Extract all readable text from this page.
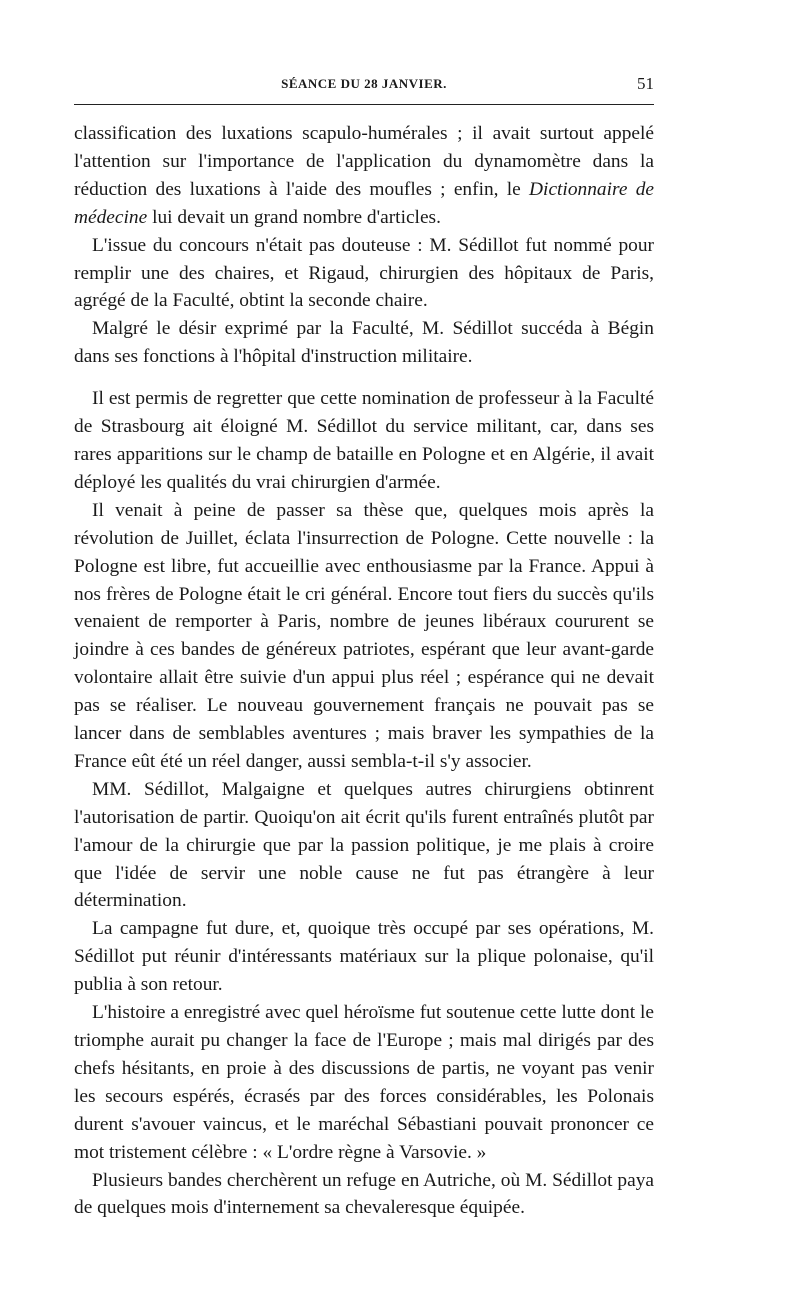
SÉANCE DU 28 JANVIER.	51

classification des luxations scapulo-humérales ; il avait surtout appelé l'attention sur l'importance de l'application du dynamomètre dans la réduction des luxations à l'aide des moufles ; enfin, le Dictionnaire de médecine lui devait un grand nombre d'articles.

L'issue du concours n'était pas douteuse : M. Sédillot fut nommé pour remplir une des chaires, et Rigaud, chirurgien des hôpitaux de Paris, agrégé de la Faculté, obtint la seconde chaire.

Malgré le désir exprimé par la Faculté, M. Sédillot succéda à Bégin dans ses fonctions à l'hôpital d'instruction militaire.

Il est permis de regretter que cette nomination de professeur à la Faculté de Strasbourg ait éloigné M. Sédillot du service militant, car, dans ses rares apparitions sur le champ de bataille en Pologne et en Algérie, il avait déployé les qualités du vrai chirurgien d'armée.

Il venait à peine de passer sa thèse que, quelques mois après la révolution de Juillet, éclata l'insurrection de Pologne. Cette nouvelle : la Pologne est libre, fut accueillie avec enthousiasme par la France. Appui à nos frères de Pologne était le cri général. Encore tout fiers du succès qu'ils venaient de remporter à Paris, nombre de jeunes libéraux coururent se joindre à ces bandes de généreux patriotes, espérant que leur avant-garde volontaire allait être suivie d'un appui plus réel ; espérance qui ne devait pas se réaliser. Le nouveau gouvernement français ne pouvait pas se lancer dans de semblables aventures ; mais braver les sympathies de la France eût été un réel danger, aussi sembla-t-il s'y associer.

MM. Sédillot, Malgaigne et quelques autres chirurgiens obtinrent l'autorisation de partir. Quoiqu'on ait écrit qu'ils furent entraînés plutôt par l'amour de la chirurgie que par la passion politique, je me plais à croire que l'idée de servir une noble cause ne fut pas étrangère à leur détermination.

La campagne fut dure, et, quoique très occupé par ses opérations, M. Sédillot put réunir d'intéressants matériaux sur la plique polonaise, qu'il publia à son retour.

L'histoire a enregistré avec quel héroïsme fut soutenue cette lutte dont le triomphe aurait pu changer la face de l'Europe ; mais mal dirigés par des chefs hésitants, en proie à des discussions de partis, ne voyant pas venir les secours espérés, écrasés par des forces considérables, les Polonais durent s'avouer vaincus, et le maréchal Sébastiani pouvait prononcer ce mot tristement célèbre : « L'ordre règne à Varsovie. »

Plusieurs bandes cherchèrent un refuge en Autriche, où M. Sédillot paya de quelques mois d'internement sa chevaleresque équipée.
